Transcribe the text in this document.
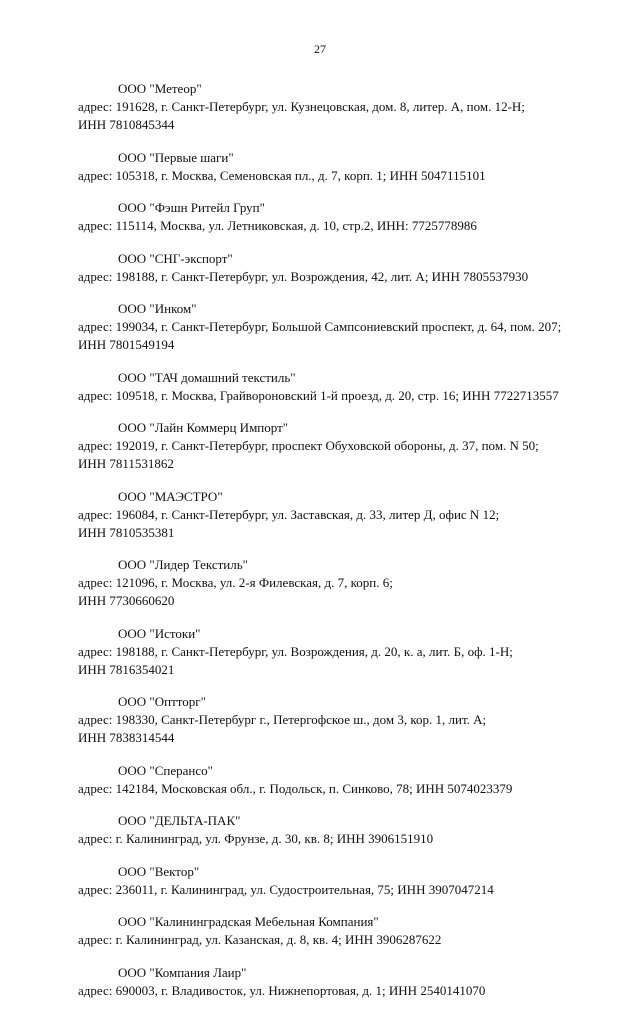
27
ООО "Метеор"
адрес: 191628, г. Санкт-Петербург, ул. Кузнецовская, дом. 8, литер. А, пом. 12-Н;
ИНН 7810845344
ООО "Первые шаги"
адрес: 105318, г. Москва, Семеновская пл., д. 7, корп. 1; ИНН 5047115101
ООО "Фэшн Ритейл Груп"
адрес: 115114, Москва, ул. Летниковская, д. 10, стр.2, ИНН: 7725778986
ООО "СНГ-экспорт"
адрес: 198188, г. Санкт-Петербург, ул. Возрождения, 42, лит. А; ИНН 7805537930
ООО "Инком"
адрес: 199034, г. Санкт-Петербург, Большой Сампсониевский проспект, д. 64, пом. 207;
ИНН 7801549194
ООО "ТАЧ домашний текстиль"
адрес: 109518, г. Москва, Грайвороновский 1-й проезд, д. 20, стр. 16; ИНН 7722713557
ООО "Лайн Коммерц Импорт"
адрес: 192019, г. Санкт-Петербург, проспект Обуховской обороны, д. 37, пом. N 50;
ИНН 7811531862
ООО "МАЭСТРО"
адрес: 196084, г. Санкт-Петербург, ул. Заставская, д. 33, литер Д, офис N 12;
ИНН 7810535381
ООО "Лидер Текстиль"
адрес: 121096, г. Москва, ул. 2-я Филевская, д. 7, корп. 6;
ИНН 7730660620
ООО "Истоки"
адрес: 198188, г. Санкт-Петербург, ул. Возрождения, д. 20, к. а, лит. Б, оф. 1-Н;
ИНН 7816354021
ООО "Оптторг"
адрес: 198330, Санкт-Петербург г., Петергофское ш., дом 3, кор. 1, лит. А;
ИНН 7838314544
ООО "Сперансо"
адрес: 142184, Московская обл., г. Подольск, п. Синково, 78; ИНН 5074023379
ООО "ДЕЛЬТА-ПАК"
адрес: г. Калининград, ул. Фрунзе, д. 30, кв. 8; ИНН 3906151910
ООО "Вектор"
адрес: 236011, г. Калининград, ул. Судостроительная, 75; ИНН 3907047214
ООО "Калининградская Мебельная Компания"
адрес: г. Калининград, ул. Казанская, д. 8, кв. 4; ИНН 3906287622
ООО "Компания Лаир"
адрес: 690003, г. Владивосток, ул. Нижнепортовая, д. 1; ИНН 2540141070
